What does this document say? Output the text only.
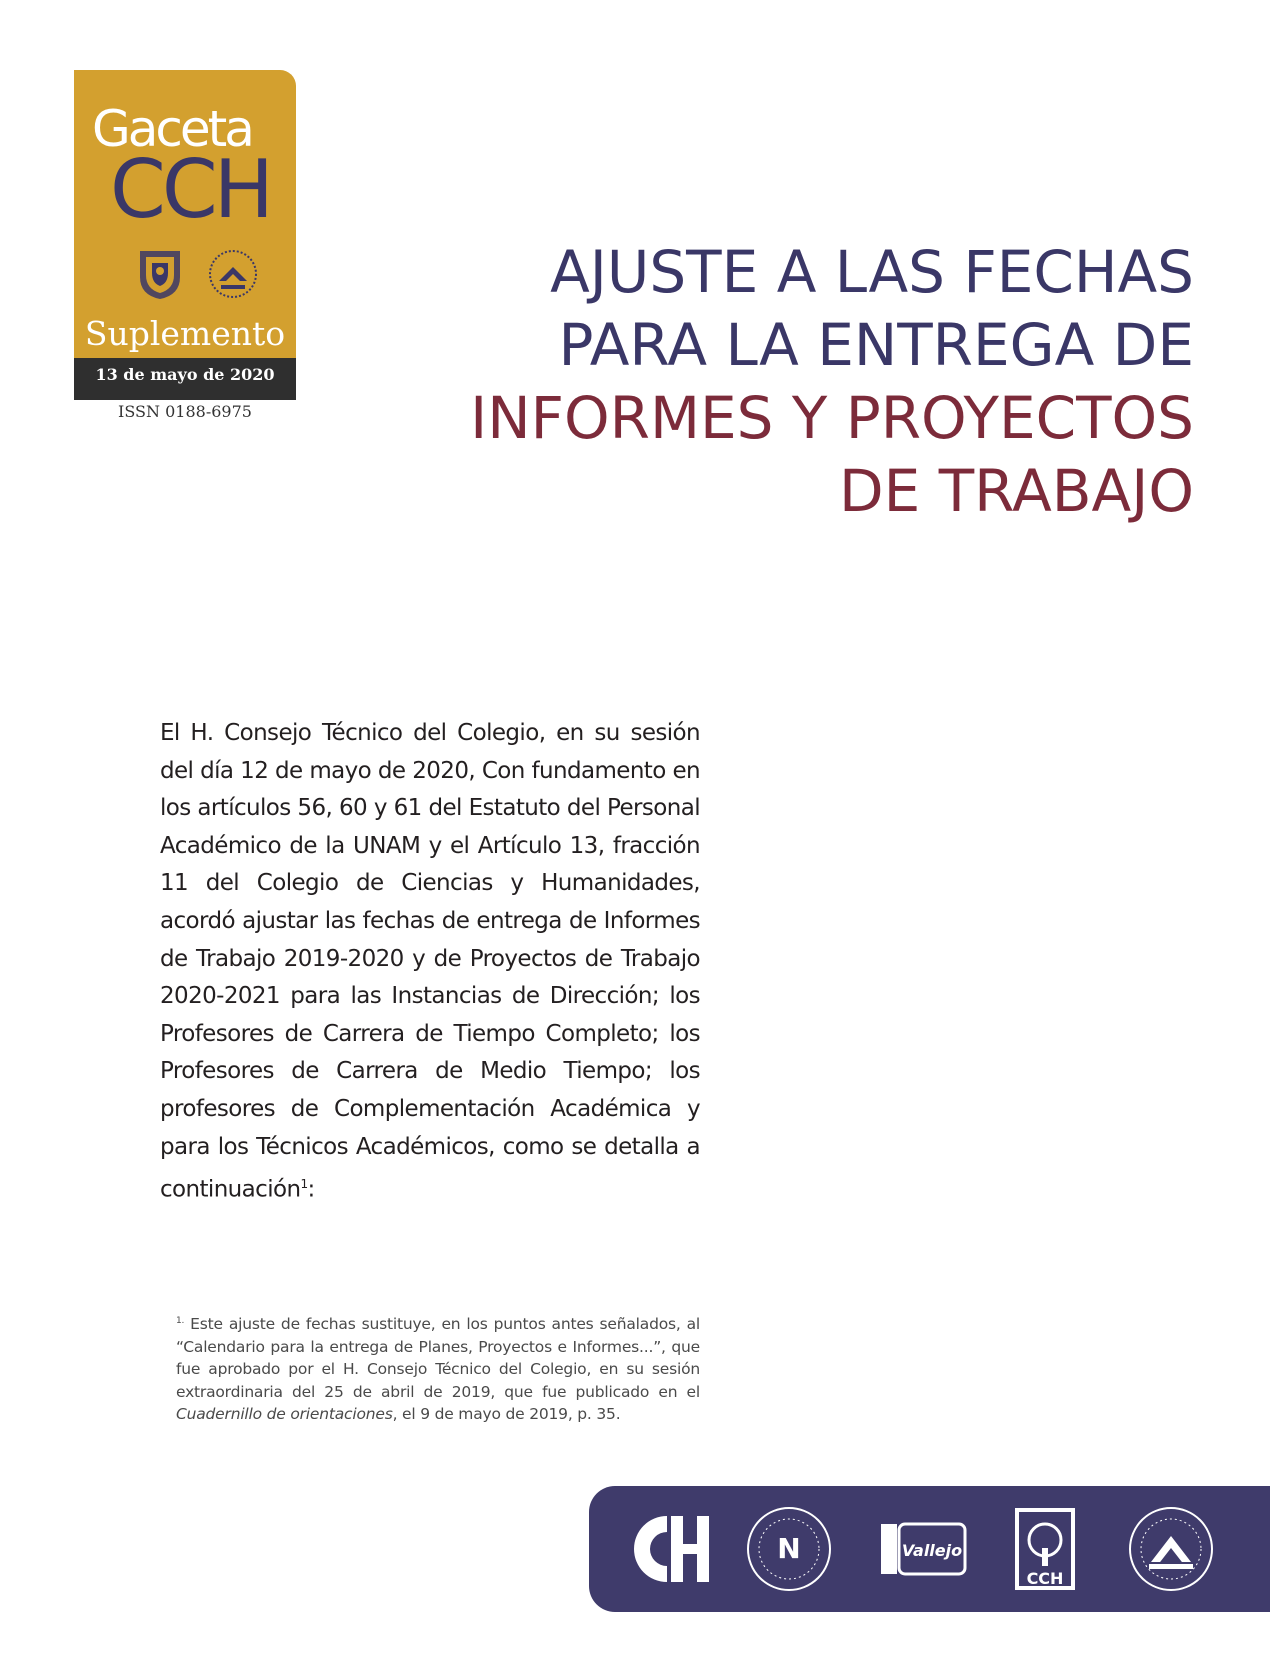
Gaceta
CCH
Suplemento
13 de mayo de 2020
ISSN 0188-6975
AJUSTE A LAS FECHAS
PARA LA ENTREGA DE
INFORMES Y PROYECTOS
DE TRABAJO
El H. Consejo Técnico del Colegio, en su sesión del día 12 de mayo de 2020, Con fundamento en los artículos 56, 60 y 61 del Estatuto del Personal Académico de la UNAM y el Artículo 13, fracción 11 del Colegio de Ciencias y Humanidades, acordó ajustar las fechas de entrega de Informes de Trabajo 2019-2020 y de Proyectos de Trabajo 2020-2021 para las Instancias de Dirección; los Profesores de Carrera de Tiempo Completo; los Profesores de Carrera de Medio Tiempo; los profesores de Complementación Académica y para los Técnicos Académicos, como se detalla a continuación$^1$:
$^{1.}$ Este ajuste de fechas sustituye, en los puntos antes señalados, al “Calendario para la entrega de Planes, Proyectos e Informes...”, que fue aprobado por el H. Consejo Técnico del Colegio, en su sesión extraordinaria del 25 de abril de 2019, que fue publicado en el Cuadernillo de orientaciones, el 9 de mayo de 2019, p. 35.
N	Vallejo
CCH
